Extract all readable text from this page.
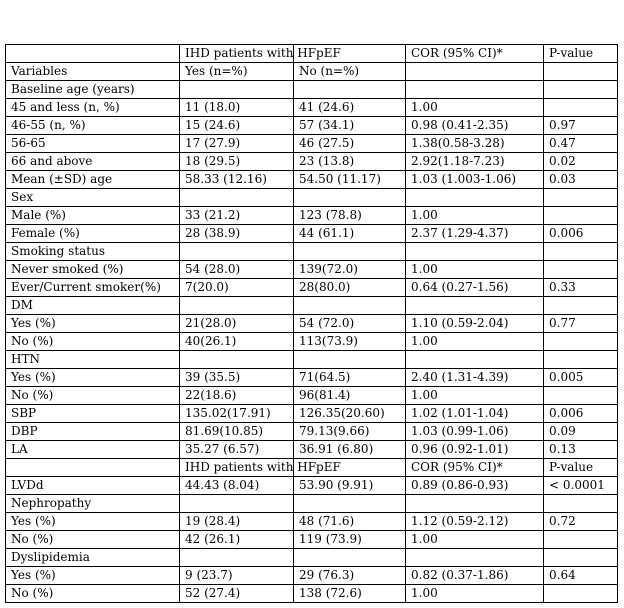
	IHD patients with HFpEF		COR (95% CI)*	P-value
Variables	Yes (n=%)	No (n=%)		
Baseline age (years)				
45 and less (n, %)	11 (18.0)	41 (24.6)	1.00	
46-55 (n, %)	15 (24.6)	57 (34.1)	0.98 (0.41-2.35)	0.97
56-65	17 (27.9)	46 (27.5)	1.38(0.58-3.28)	0.47
66 and above	18 (29.5)	23 (13.8)	2.92(1.18-7.23)	0.02
Mean (±SD) age	58.33 (12.16)	54.50 (11.17)	1.03 (1.003-1.06)	0.03
Sex				
Male (%)	33 (21.2)	123 (78.8)	1.00	
Female (%)	28 (38.9)	44 (61.1)	2.37 (1.29-4.37)	0.006
Smoking status				
Never smoked (%)	54 (28.0)	139(72.0)	1.00	
Ever/Current smoker(%)	7(20.0)	28(80.0)	0.64 (0.27-1.56)	0.33
DM				
Yes (%)	21(28.0)	54 (72.0)	1.10 (0.59-2.04)	0.77
No (%)	40(26.1)	113(73.9)	1.00	
HTN				
Yes (%)	39 (35.5)	71(64.5)	2.40 (1.31-4.39)	0.005
No (%)	22(18.6)	96(81.4)	1.00	
SBP	135.02(17.91)	126.35(20.60)	1.02 (1.01-1.04)	0.006
DBP	81.69(10.85)	79.13(9.66)	1.03 (0.99-1.06)	0.09
LA	35.27 (6.57)	36.91 (6.80)	0.96 (0.92-1.01)	0.13
	IHD patients with HFpEF		COR (95% CI)*	P-value
LVDd	44.43 (8.04)	53.90 (9.91)	0.89 (0.86-0.93)	< 0.0001
Nephropathy				
Yes (%)	19 (28.4)	48 (71.6)	1.12 (0.59-2.12)	0.72
No (%)	42 (26.1)	119 (73.9)	1.00	
Dyslipidemia				
Yes (%)	9 (23.7)	29 (76.3)	0.82 (0.37-1.86)	0.64
No (%)	52 (27.4)	138 (72.6)	1.00	
